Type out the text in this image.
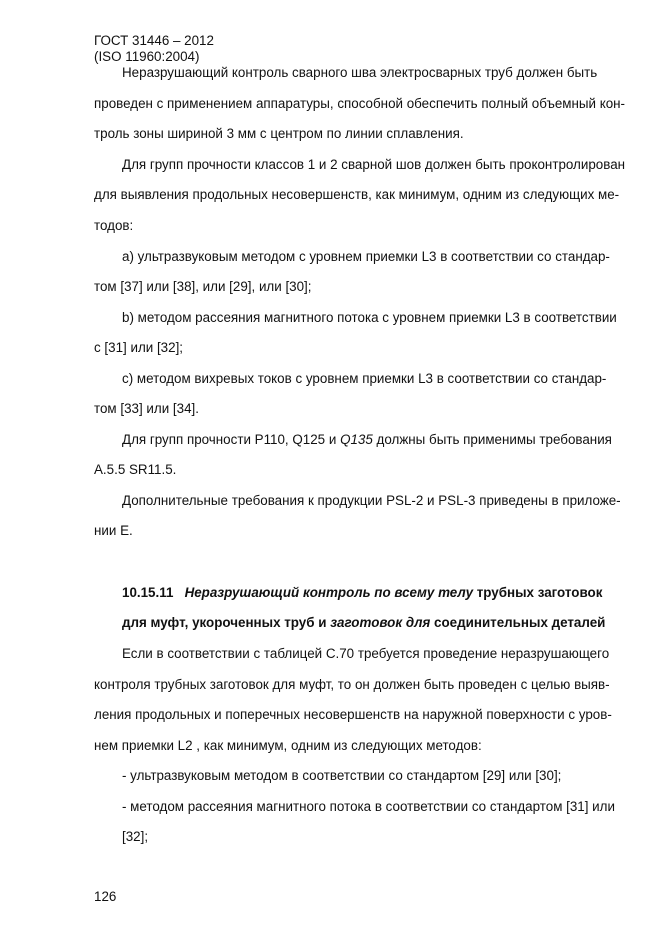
ГОСТ 31446 – 2012
(ISO 11960:2004)
Неразрушающий контроль сварного шва электросварных труб должен быть
проведен с применением аппаратуры, способной обеспечить полный объемный кон-
троль зоны шириной 3 мм с центром по линии сплавления.
Для групп прочности классов 1 и 2 сварной шов должен быть проконтролирован
для выявления продольных несовершенств, как минимум, одним из следующих ме-
тодов:
а) ультразвуковым методом с уровнем приемки L3 в соответствии со стандар-
том [37] или [38], или [29], или [30];
b) методом рассеяния магнитного потока с уровнем приемки L3 в соответствии
с [31] или [32];
с) методом вихревых токов с уровнем приемки L3 в соответствии со стандар-
том [33] или [34].
Для групп прочности Р110, Q125 и Q135 должны быть применимы требования
А.5.5 SR11.5.
Дополнительные требования к продукции PSL-2 и PSL-3 приведены в приложе-
нии Е.
10.15.11 Неразрушающий контроль по всему телу трубных заготовок
для муфт, укороченных труб и заготовок для соединительных деталей
Если в соответствии с таблицей С.70 требуется проведение неразрушающего
контроля трубных заготовок для муфт, то он должен быть проведен с целью выяв-
ления продольных и поперечных несовершенств на наружной поверхности с уров-
нем приемки L2 , как минимум, одним из следующих методов:
- ультразвуковым методом в соответствии со стандартом [29] или [30];
- методом рассеяния магнитного потока в соответствии со стандартом [31] или
[32];
126
